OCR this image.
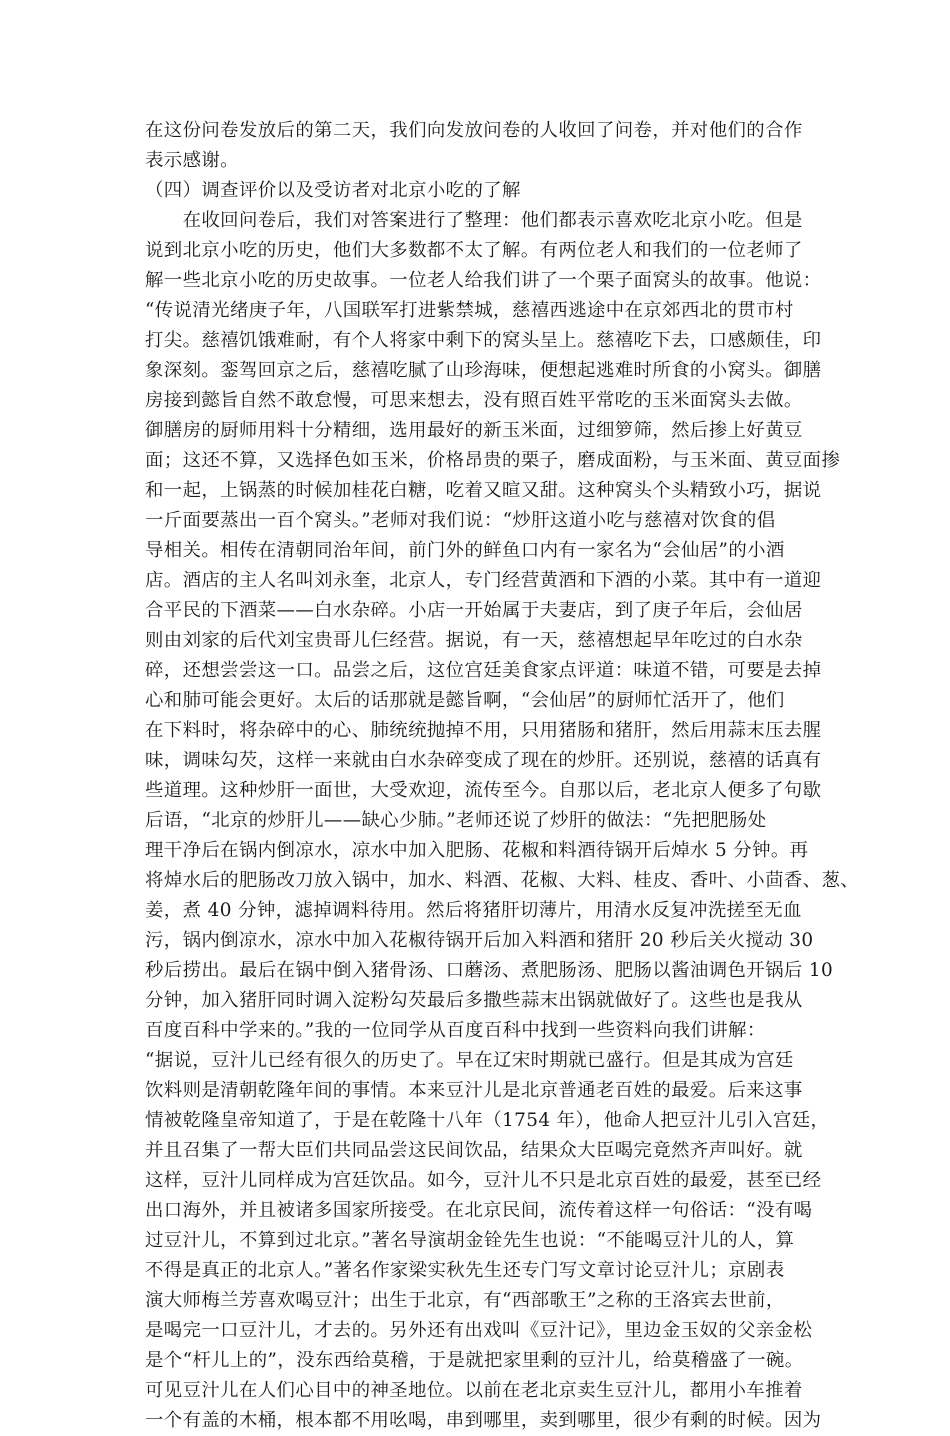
在这份问卷发放后的第二天，我们向发放问卷的人收回了问卷，并对他们的合作
表示感谢。
（四）调查评价以及受访者对北京小吃的了解
　　在收回问卷后，我们对答案进行了整理：他们都表示喜欢吃北京小吃。但是
说到北京小吃的历史，他们大多数都不太了解。有两位老人和我们的一位老师了
解一些北京小吃的历史故事。一位老人给我们讲了一个栗子面窝头的故事。他说：
“传说清光绪庚子年，八国联军打进紫禁城，慈禧西逃途中在京郊西北的贯市村
打尖。慈禧饥饿难耐，有个人将家中剩下的窝头呈上。慈禧吃下去，口感颇佳，印
象深刻。銮驾回京之后，慈禧吃腻了山珍海味，便想起逃难时所食的小窝头。御膳
房接到懿旨自然不敢怠慢，可思来想去，没有照百姓平常吃的玉米面窝头去做。
御膳房的厨师用料十分精细，选用最好的新玉米面，过细箩筛，然后掺上好黄豆
面；这还不算，又选择色如玉米，价格昂贵的栗子，磨成面粉，与玉米面、黄豆面掺
和一起，上锅蒸的时候加桂花白糖，吃着又暄又甜。这种窝头个头精致小巧，据说
一斤面要蒸出一百个窝头。”老师对我们说：“炒肝这道小吃与慈禧对饮食的倡
导相关。相传在清朝同治年间，前门外的鲜鱼口内有一家名为“会仙居”的小酒
店。酒店的主人名叫刘永奎，北京人，专门经营黄酒和下酒的小菜。其中有一道迎
合平民的下酒菜——白水杂碎。小店一开始属于夫妻店，到了庚子年后，会仙居
则由刘家的后代刘宝贵哥儿仨经营。据说，有一天，慈禧想起早年吃过的白水杂
碎，还想尝尝这一口。品尝之后，这位宫廷美食家点评道：味道不错，可要是去掉
心和肺可能会更好。太后的话那就是懿旨啊，“会仙居”的厨师忙活开了，他们
在下料时，将杂碎中的心、肺统统抛掉不用，只用猪肠和猪肝，然后用蒜末压去腥
味，调味勾芡，这样一来就由白水杂碎变成了现在的炒肝。还别说，慈禧的话真有
些道理。这种炒肝一面世，大受欢迎，流传至今。自那以后，老北京人便多了句歇
后语，“北京的炒肝儿——缺心少肺。”老师还说了炒肝的做法：“先把肥肠处
理干净后在锅内倒凉水，凉水中加入肥肠、花椒和料酒待锅开后焯水 5 分钟。再
将焯水后的肥肠改刀放入锅中，加水、料酒、花椒、大料、桂皮、香叶、小茴香、葱、
姜，煮 40 分钟，滤掉调料待用。然后将猪肝切薄片，用清水反复冲洗搓至无血
污，锅内倒凉水，凉水中加入花椒待锅开后加入料酒和猪肝 20 秒后关火搅动 30
秒后捞出。最后在锅中倒入猪骨汤、口蘑汤、煮肥肠汤、肥肠以酱油调色开锅后 10
分钟，加入猪肝同时调入淀粉勾芡最后多撒些蒜末出锅就做好了。这些也是我从
百度百科中学来的。”我的一位同学从百度百科中找到一些资料向我们讲解：
“据说，豆汁儿已经有很久的历史了。早在辽宋时期就已盛行。但是其成为宫廷
饮料则是清朝乾隆年间的事情。本来豆汁儿是北京普通老百姓的最爱。后来这事
情被乾隆皇帝知道了，于是在乾隆十八年（1754 年），他命人把豆汁儿引入宫廷，
并且召集了一帮大臣们共同品尝这民间饮品，结果众大臣喝完竟然齐声叫好。就
这样，豆汁儿同样成为宫廷饮品。如今，豆汁儿不只是北京百姓的最爱，甚至已经
出口海外，并且被诸多国家所接受。在北京民间，流传着这样一句俗话：“没有喝
过豆汁儿，不算到过北京。”著名导演胡金铨先生也说：“不能喝豆汁儿的人，算
不得是真正的北京人。”著名作家梁实秋先生还专门写文章讨论豆汁儿；京剧表
演大师梅兰芳喜欢喝豆汁；出生于北京，有“西部歌王”之称的王洛宾去世前，
是喝完一口豆汁儿，才去的。另外还有出戏叫《豆汁记》，里边金玉奴的父亲金松
是个“杆儿上的”，没东西给莫稽，于是就把家里剩的豆汁儿，给莫稽盛了一碗。
可见豆汁儿在人们心目中的神圣地位。以前在老北京卖生豆汁儿，都用小车推着
一个有盖的木桶，根本都不用吆喝，串到哪里，卖到哪里，很少有剩的时候。因为
